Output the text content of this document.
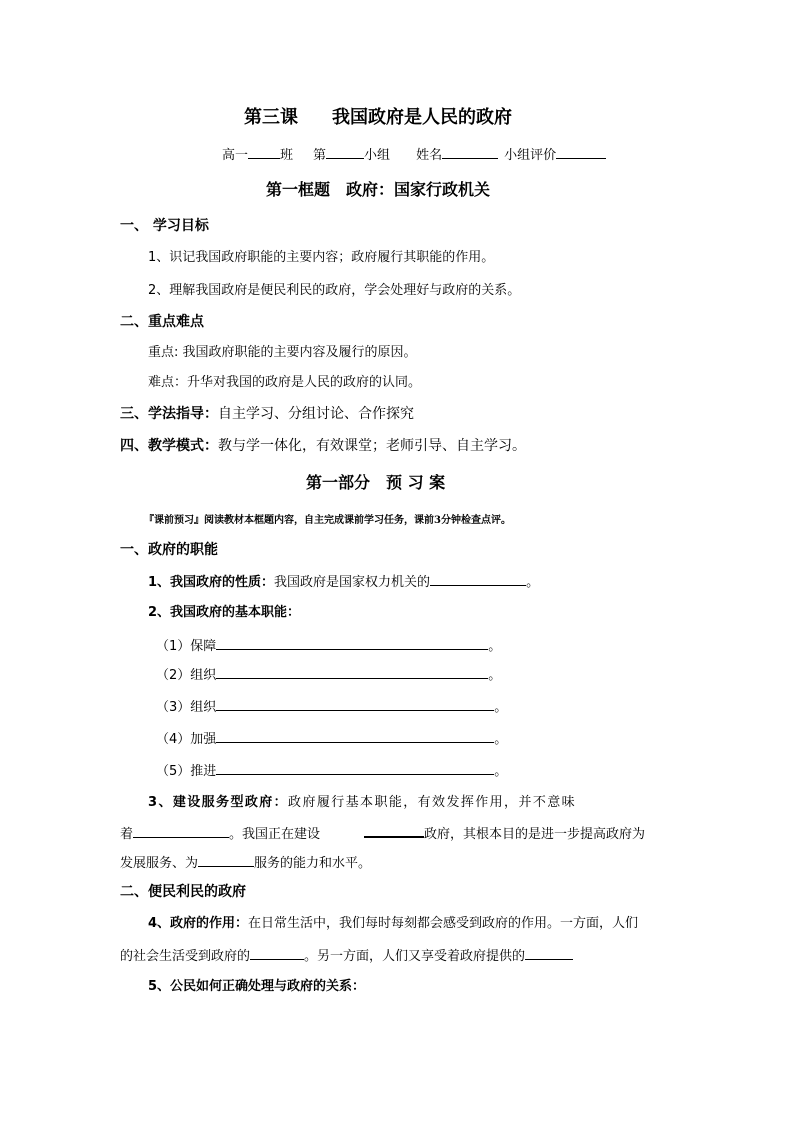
第三课 我国政府是人民的政府
高一 班 第	小组 姓名	小组评价
第一框题　政府：国家行政机关
一、 学习目标
1、识记我国政府职能的主要内容；政府履行其职能的作用。
2、理解我国政府是便民利民的政府，学会处理好与政府的关系。
二、重点难点
重点: 我国政府职能的主要内容及履行的原因。
难点：升华对我国的政府是人民的政府的认同。
三、学法指导：自主学习、分组讨论、合作探究
四、教学模式：教与学一体化，有效课堂；老师引导、自主学习。
第一部分　预 习 案
『课前预习』阅读教材本框题内容，自主完成课前学习任务，课前3分钟检查点评。
一、政府的职能
1、我国政府的性质：我国政府是国家权力机关的	。
2、我国政府的基本职能：
（1）保障	。
（2）组织	。
（3）组织	。
（4）加强	。
（5）推进	。
3、建设服务型政府：政府履行基本职能，有效发挥作用，并不意味
着	。我国正在建设	政府，其根本目的是进一步提高政府为
发展服务、为	服务的能力和水平。
二、便民利民的政府
4、政府的作用：在日常生活中，我们每时每刻都会感受到政府的作用。一方面，人们
的社会生活受到政府的	。另一方面，人们又享受着政府提供的
5、公民如何正确处理与政府的关系：
